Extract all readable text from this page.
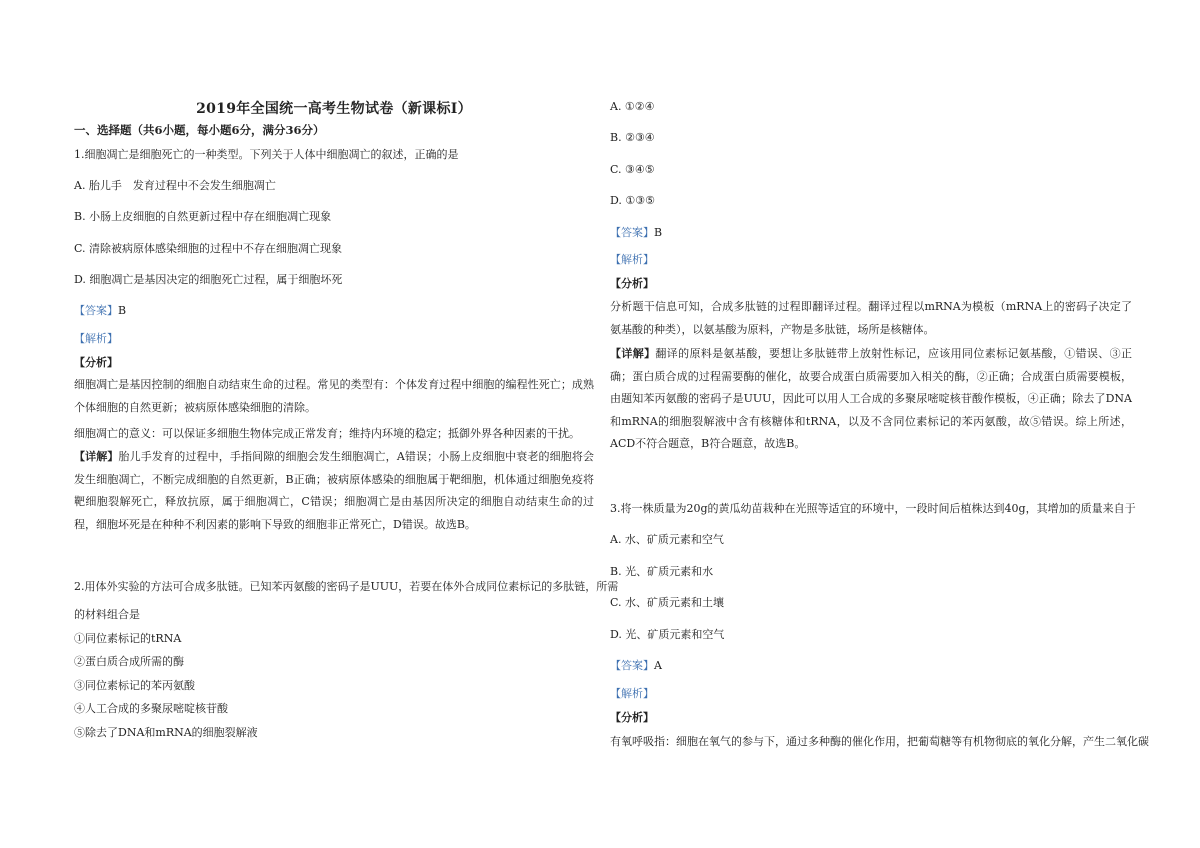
2019年全国统一高考生物试卷（新课标Ⅰ）
一、选择题（共6小题，每小题6分，满分36分）
1.细胞凋亡是细胞死亡的一种类型。下列关于人体中细胞凋亡的叙述，正确的是
A. 胎儿手　发育过程中不会发生细胞凋亡
B. 小肠上皮细胞的自然更新过程中存在细胞凋亡现象
C. 清除被病原体感染细胞的过程中不存在细胞凋亡现象
D. 细胞凋亡是基因决定的细胞死亡过程，属于细胞坏死
【答案】B
【解析】
【分析】
细胞凋亡是基因控制的细胞自动结束生命的过程。常见的类型有：个体发育过程中细胞的编程性死亡；成熟个体细胞的自然更新；被病原体感染细胞的清除。
细胞凋亡的意义：可以保证多细胞生物体完成正常发育；维持内环境的稳定；抵御外界各种因素的干扰。
【详解】胎儿手发育的过程中，手指间隙的细胞会发生细胞凋亡，A错误；小肠上皮细胞中衰老的细胞将会发生细胞凋亡，不断完成细胞的自然更新，B正确；被病原体感染的细胞属于靶细胞，机体通过细胞免疫将靶细胞裂解死亡，释放抗原，属于细胞凋亡，C错误；细胞凋亡是由基因所决定的细胞自动结束生命的过程，细胞坏死是在种种不利因素的影响下导致的细胞非正常死亡，D错误。故选B。
2.用体外实验的方法可合成多肽链。已知苯丙氨酸的密码子是UUU，若要在体外合成同位素标记的多肽链，所需
的材料组合是
①同位素标记的tRNA
②蛋白质合成所需的酶
③同位素标记的苯丙氨酸
④人工合成的多聚尿嘧啶核苷酸
⑤除去了DNA和mRNA的细胞裂解液
A. ①②④
B. ②③④
C. ③④⑤
D. ①③⑤
【答案】B
【解析】
【分析】
分析题干信息可知，合成多肽链的过程即翻译过程。翻译过程以mRNA为模板（mRNA上的密码子决定了氨基酸的种类），以氨基酸为原料，产物是多肽链，场所是核糖体。
【详解】翻译的原料是氨基酸，要想让多肽链带上放射性标记，应该用同位素标记氨基酸，①错误、③正确；蛋白质合成的过程需要酶的催化，故要合成蛋白质需要加入相关的酶，②正确；合成蛋白质需要模板，由题知苯丙氨酸的密码子是UUU，因此可以用人工合成的多聚尿嘧啶核苷酸作模板，④正确；除去了DNA和mRNA的细胞裂解液中含有核糖体和tRNA，以及不含同位素标记的苯丙氨酸，故⑤错误。综上所述，ACD不符合题意，B符合题意，故选B。
3.将一株质量为20g的黄瓜幼苗栽种在光照等适宜的环境中，一段时间后植株达到40g，其增加的质量来自于
A. 水、矿质元素和空气
B. 光、矿质元素和水
C. 水、矿质元素和土壤
D. 光、矿质元素和空气
【答案】A
【解析】
【分析】
有氧呼吸指：细胞在氧气的参与下，通过多种酶的催化作用，把葡萄糖等有机物彻底的氧化分解，产生二氧化碳
